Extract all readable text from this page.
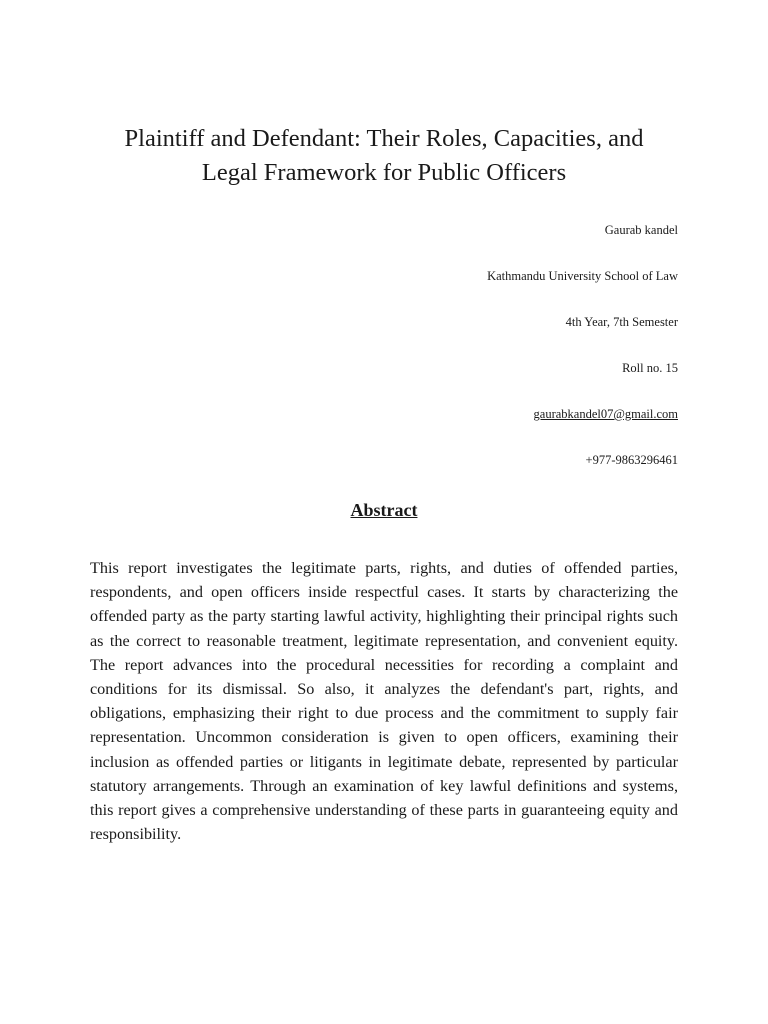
Plaintiff and Defendant: Their Roles, Capacities, and
Legal Framework for Public Officers
Gaurab kandel
Kathmandu University School of Law
4th Year, 7th Semester
Roll no. 15
gaurabkandel07@gmail.com
+977-9863296461
Abstract

This report investigates the legitimate parts, rights, and duties of offended parties, respondents, and open officers inside respectful cases. It starts by characterizing the offended party as the party starting lawful activity, highlighting their principal rights such as the correct to reasonable treatment, legitimate representation, and convenient equity. The report advances into the procedural necessities for recording a complaint and conditions for its dismissal. So also, it analyzes the defendant's part, rights, and obligations, emphasizing their right to due process and the commitment to supply fair representation. Uncommon consideration is given to open officers, examining their inclusion as offended parties or litigants in legitimate debate, represented by particular statutory arrangements. Through an examination of key lawful definitions and systems, this report gives a comprehensive understanding of these parts in guaranteeing equity and responsibility.
